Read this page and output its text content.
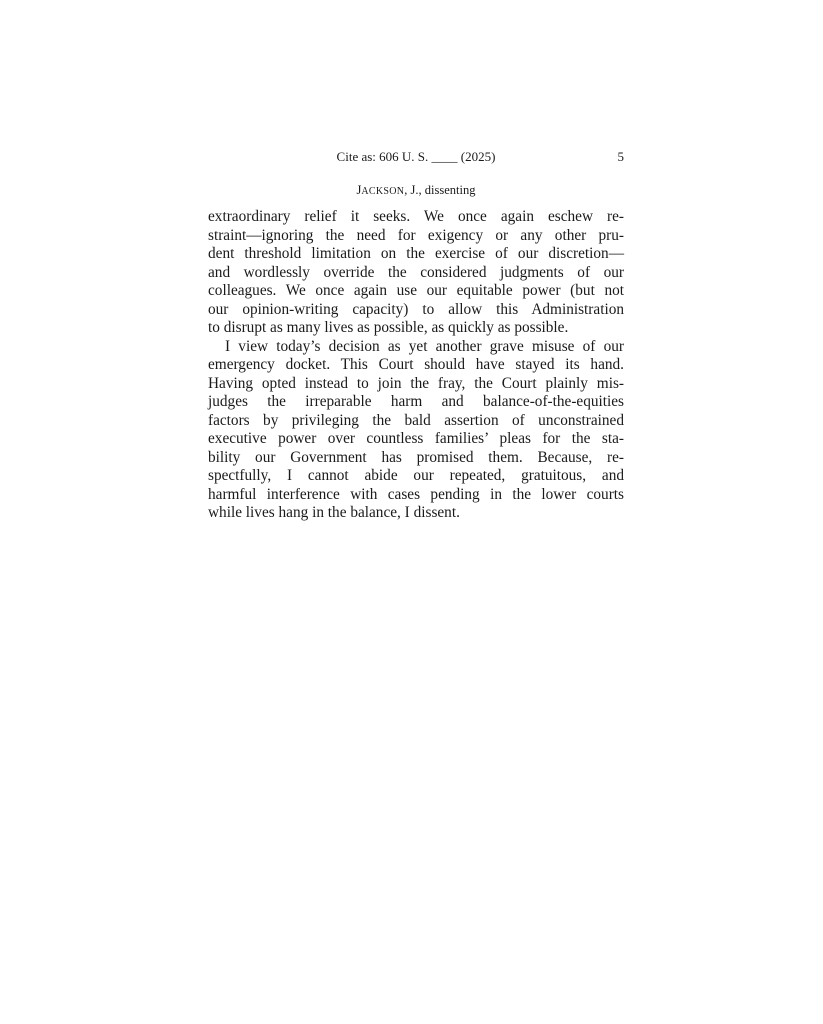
Cite as: 606 U. S. ____ (2025)	5
JACKSON, J., dissenting
extraordinary relief it seeks. We once again eschew re-
straint—ignoring the need for exigency or any other pru-
dent threshold limitation on the exercise of our discretion—
and wordlessly override the considered judgments of our
colleagues. We once again use our equitable power (but not
our opinion-writing capacity) to allow this Administration
to disrupt as many lives as possible, as quickly as possible.
I view today’s decision as yet another grave misuse of our
emergency docket. This Court should have stayed its hand.
Having opted instead to join the fray, the Court plainly mis-
judges the irreparable harm and balance-of-the-equities
factors by privileging the bald assertion of unconstrained
executive power over countless families’ pleas for the sta-
bility our Government has promised them. Because, re-
spectfully, I cannot abide our repeated, gratuitous, and
harmful interference with cases pending in the lower courts
while lives hang in the balance, I dissent.
